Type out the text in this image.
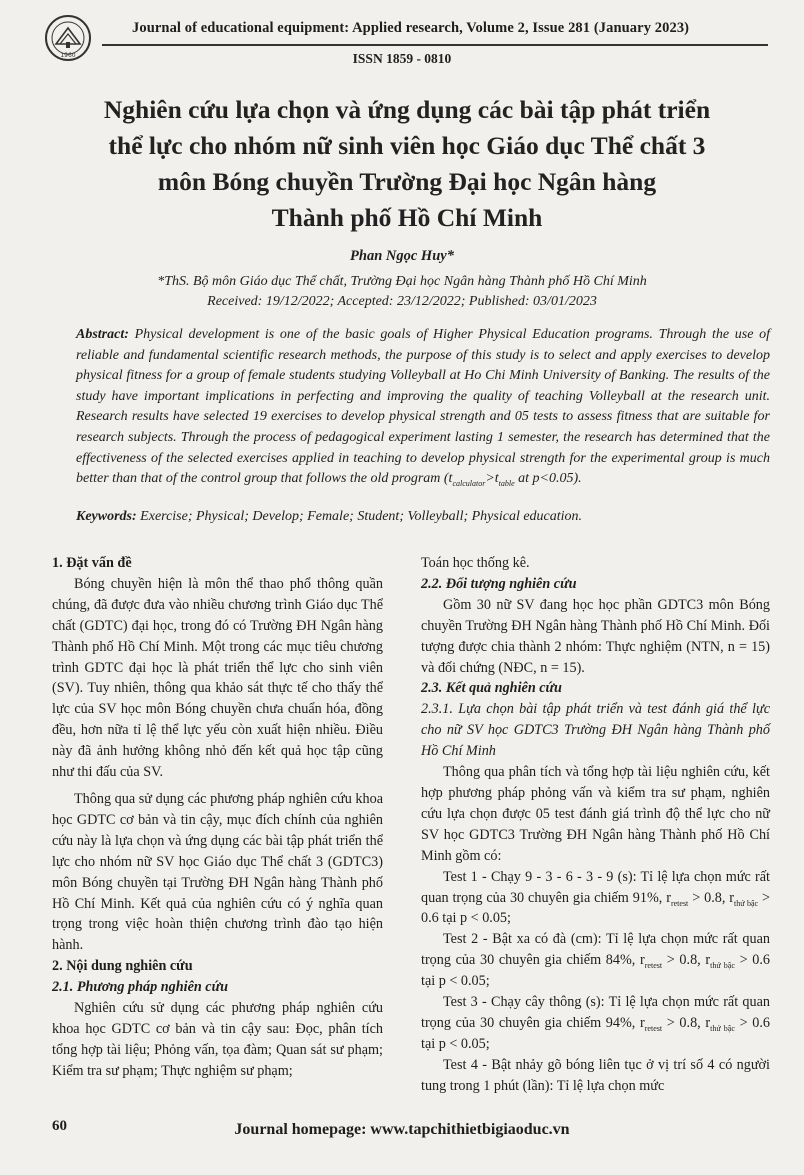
1960
Journal of educational equipment: Applied research, Volume 2, Issue 281 (January 2023)
ISSN 1859 - 0810
Nghiên cứu lựa chọn và ứng dụng các bài tập phát triển
thể lực cho nhóm nữ sinh viên học Giáo dục Thể chất 3
môn Bóng chuyền Trường Đại học Ngân hàng
Thành phố Hồ Chí Minh
Phan Ngọc Huy*
*ThS. Bộ môn Giáo dục Thể chất, Trường Đại học Ngân hàng Thành phố Hồ Chí Minh
Received: 19/12/2022; Accepted: 23/12/2022; Published: 03/01/2023
Abstract: Physical development is one of the basic goals of Higher Physical Education programs. Through the use of reliable and fundamental scientific research methods, the purpose of this study is to select and apply exercises to develop physical fitness for a group of female students studying Volleyball at Ho Chi Minh University of Banking. The results of the study have important implications in perfecting and improving the quality of teaching Volleyball at the research unit. Research results have selected 19 exercises to develop physical strength and 05 tests to assess fitness that are suitable for research subjects. Through the process of pedagogical experiment lasting 1 semester, the research has determined that the effectiveness of the selected exercises applied in teaching to develop physical strength for the experimental group is much better than that of the control group that follows the old program ($t_{calculator}>t_{table}$ at p<0.05).
Keywords: Exercise; Physical; Develop; Female; Student; Volleyball; Physical education.

1. Đặt vấn đề

Bóng chuyền hiện là môn thể thao phổ thông quần chúng, đã được đưa vào nhiều chương trình Giáo dục Thể chất (GDTC) đại học, trong đó có Trường ĐH Ngân hàng Thành phố Hồ Chí Minh. Một trong các mục tiêu chương trình GDTC đại học là phát triển thể lực cho sinh viên (SV). Tuy nhiên, thông qua khảo sát thực tế cho thấy thể lực của SV học môn Bóng chuyền chưa chuẩn hóa, đồng đều, hơn nữa tỉ lệ thể lực yếu còn xuất hiện nhiều. Điều này đã ảnh hưởng không nhỏ đến kết quả học tập cũng như thi đấu của SV.

Thông qua sử dụng các phương pháp nghiên cứu khoa học GDTC cơ bản và tin cậy, mục đích chính của nghiên cứu này là lựa chọn và ứng dụng các bài tập phát triển thể lực cho nhóm nữ SV học Giáo dục Thể chất 3 (GDTC3) môn Bóng chuyền tại Trường ĐH Ngân hàng Thành phố Hồ Chí Minh. Kết quả của nghiên cứu có ý nghĩa quan trọng trong việc hoàn thiện chương trình đào tạo hiện hành.

2. Nội dung nghiên cứu

2.1. Phương pháp nghiên cứu

Nghiên cứu sử dụng các phương pháp nghiên cứu khoa học GDTC cơ bản và tin cậy sau: Đọc, phân tích tổng hợp tài liệu; Phỏng vấn, tọa đàm; Quan sát sư phạm; Kiểm tra sư phạm; Thực nghiệm sư phạm;

Toán học thống kê.

2.2. Đối tượng nghiên cứu

Gồm 30 nữ SV đang học học phần GDTC3 môn Bóng chuyền Trường ĐH Ngân hàng Thành phố Hồ Chí Minh. Đối tượng được chia thành 2 nhóm: Thực nghiệm (NTN, n = 15) và đối chứng (NĐC, n = 15).

2.3. Kết quả nghiên cứu

2.3.1. Lựa chọn bài tập phát triển và test đánh giá thể lực cho nữ SV học GDTC3 Trường ĐH Ngân hàng Thành phố Hồ Chí Minh

Thông qua phân tích và tổng hợp tài liệu nghiên cứu, kết hợp phương pháp phỏng vấn và kiểm tra sư phạm, nghiên cứu lựa chọn được 05 test đánh giá trình độ thể lực cho nữ SV học GDTC3 Trường ĐH Ngân hàng Thành phố Hồ Chí Minh gồm có:

Test 1 - Chạy 9 - 3 - 6 - 3 - 9 (s): Tỉ lệ lựa chọn mức rất quan trọng của 30 chuyên gia chiếm 91%, $r_{retest} > 0.8$, $r_{thứ bậc} > 0.6$ tại p < 0.05;

Test 2 - Bật xa có đà (cm): Tỉ lệ lựa chọn mức rất quan trọng của 30 chuyên gia chiếm 84%, $r_{retest} > 0.8$, $r_{thứ bậc} > 0.6$ tại p < 0.05;

Test 3 - Chạy cây thông (s): Tỉ lệ lựa chọn mức rất quan trọng của 30 chuyên gia chiếm 94%, $r_{retest} > 0.8$, $r_{thứ bậc} > 0.6$ tại p < 0.05;

Test 4 - Bật nhảy gõ bóng liên tục ở vị trí số 4 có người tung trong 1 phút (lần): Tỉ lệ lựa chọn mức

60	Journal homepage: www.tapchithietbigiaoduc.vn
